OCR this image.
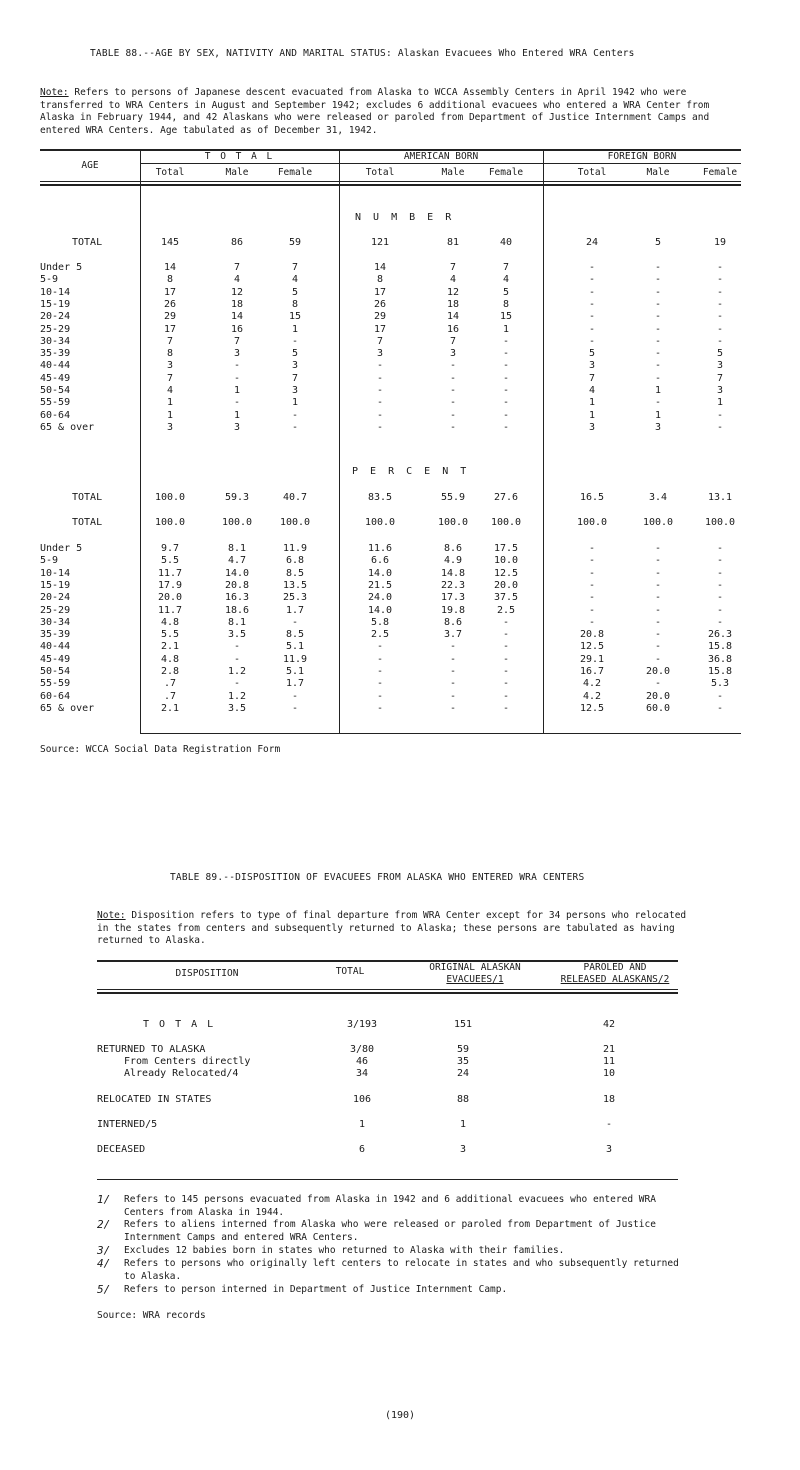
TABLE 88.--AGE BY SEX, NATIVITY AND MARITAL STATUS: Alaskan Evacuees Who Entered WRA Centers
Note: Refers to persons of Japanese descent evacuated from Alaska to WCCA Assembly Centers in April 1942 who were transferred to WRA Centers in August and September 1942; excludes 6 additional evacuees who entered a WRA Center from Alaska in February 1944, and 42 Alaskans who were released or paroled from Department of Justice Internment Camps and entered WRA Centers. Age tabulated as of December 31, 1942.
AGE
T O T A L	AMERICAN BORN	FOREIGN BORN
Total	Male	Female	Total	Male	Female	Total	Male	Female
N U M B E R
P E R C E N T
TOTAL	145	86	59	121	81	40	24	5	19
Under 5	14	7	7	14	7	7	-	-	-
5-9	8	4	4	8	4	4	-	-	-
10-14	17	12	5	17	12	5	-	-	-
15-19	26	18	8	26	18	8	-	-	-
20-24	29	14	15	29	14	15	-	-	-
25-29	17	16	1	17	16	1	-	-	-
30-34	7	7	-	7	7	-	-	-	-
35-39	8	3	5	3	3	-	5	-	5
40-44	3	-	3	-	-	-	3	-	3
45-49	7	-	7	-	-	-	7	-	7
50-54	4	1	3	-	-	-	4	1	3
55-59	1	-	1	-	-	-	1	-	1
60-64	1	1	-	-	-	-	1	1	-
65 & over	3	3	-	-	-	-	3	3	-
TOTAL	100.0	59.3	40.7	83.5	55.9	27.6	16.5	3.4	13.1
TOTAL	100.0	100.0	100.0	100.0	100.0	100.0	100.0	100.0	100.0
Under 5	9.7	8.1	11.9	11.6	8.6	17.5	-	-	-
5-9	5.5	4.7	6.8	6.6	4.9	10.0	-	-	-
10-14	11.7	14.0	8.5	14.0	14.8	12.5	-	-	-
15-19	17.9	20.8	13.5	21.5	22.3	20.0	-	-	-
20-24	20.0	16.3	25.3	24.0	17.3	37.5	-	-	-
25-29	11.7	18.6	1.7	14.0	19.8	2.5	-	-	-
30-34	4.8	8.1	-	5.8	8.6	-	-	-	-
35-39	5.5	3.5	8.5	2.5	3.7	-	20.8	-	26.3
40-44	2.1	-	5.1	-	-	-	12.5	-	15.8
45-49	4.8	-	11.9	-	-	-	29.1	-	36.8
50-54	2.8	1.2	5.1	-	-	-	16.7	20.0	15.8
55-59	.7	-	1.7	-	-	-	4.2	-	5.3
60-64	.7	1.2	-	-	-	-	4.2	20.0	-
65 & over	2.1	3.5	-	-	-	-	12.5	60.0	-
Source: WCCA Social Data Registration Form
TABLE 89.--DISPOSITION OF EVACUEES FROM ALASKA WHO ENTERED WRA CENTERS
Note: Disposition refers to type of final departure from WRA Center except for 34 persons who relocated in the states from centers and subsequently returned to Alaska; these persons are tabulated as having returned to Alaska.
DISPOSITION	TOTAL	ORIGINAL ALASKAN
EVACUEES/1
PAROLED AND
RELEASED ALASKANS/2
T O T A L	3/193	151	42
RETURNED TO ALASKA	3/80	59	21
From Centers directly	46	35	11
Already Relocated/4	34	24	10
RELOCATED IN STATES	106	88	18
INTERNED/5	1	1	-
DECEASED	6	3	3
1/ Refers to 145 persons evacuated from Alaska in 1942 and 6 additional evacuees who entered WRA Centers from Alaska in 1944.
2/ Refers to aliens interned from Alaska who were released or paroled from Department of Justice Internment Camps and entered WRA Centers.
3/ Excludes 12 babies born in states who returned to Alaska with their families.
4/ Refers to persons who originally left centers to relocate in states and who subsequently returned to Alaska.
5/ Refers to person interned in Department of Justice Internment Camp.
Source: WRA records
(190)
